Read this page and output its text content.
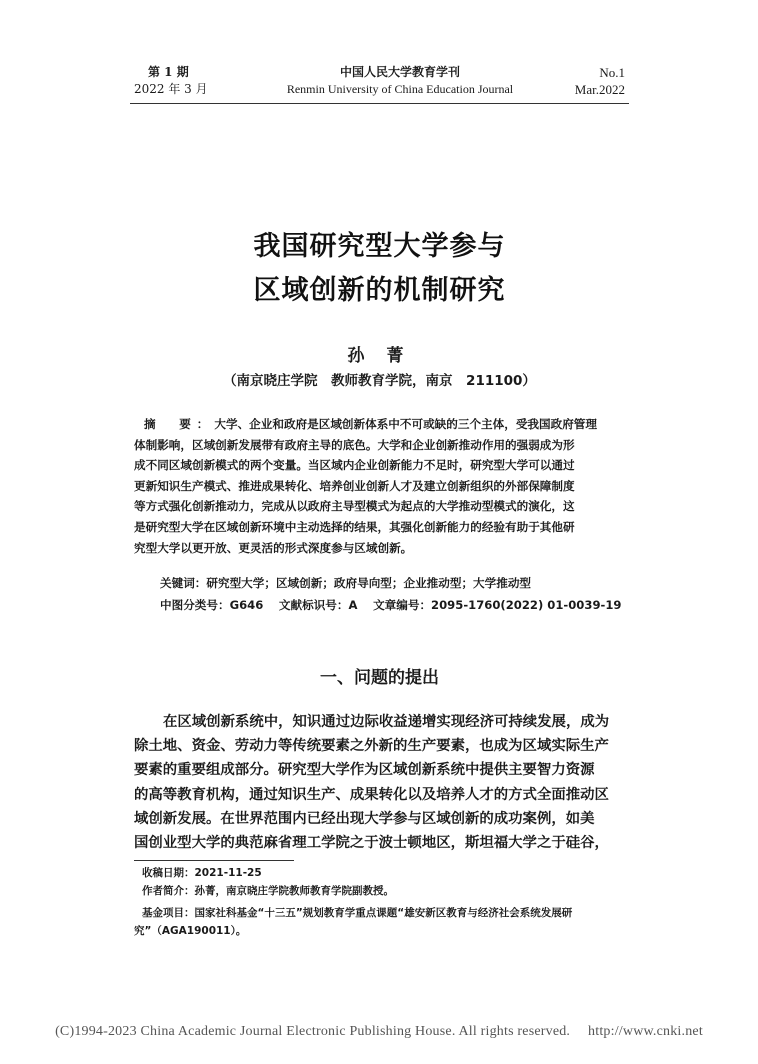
第 1 期
2022 年 3 月
中国人民大学教育学刊
Renmin University of China Education Journal
No.1
Mar.2022
我国研究型大学参与
区域创新的机制研究
孙 菁
（南京晓庄学院　教师教育学院，南京　211100）
摘　要：大学、企业和政府是区域创新体系中不可或缺的三个主体，受我国政府管理
体制影响，区域创新发展带有政府主导的底色。大学和企业创新推动作用的强弱成为形
成不同区域创新模式的两个变量。当区域内企业创新能力不足时，研究型大学可以通过
更新知识生产模式、推进成果转化、培养创业创新人才及建立创新组织的外部保障制度
等方式强化创新推动力，完成从以政府主导型模式为起点的大学推动型模式的演化，这
是研究型大学在区域创新环境中主动选择的结果，其强化创新能力的经验有助于其他研
究型大学以更开放、更灵活的形式深度参与区域创新。
关键词：研究型大学；区域创新；政府导向型；企业推动型；大学推动型
中图分类号：G646　 文献标识号：A　 文章编号：2095-1760(2022) 01-0039-19
一、问题的提出
在区域创新系统中，知识通过边际收益递增实现经济可持续发展，成为
除土地、资金、劳动力等传统要素之外新的生产要素，也成为区域实际生产
要素的重要组成部分。研究型大学作为区域创新系统中提供主要智力资源
的高等教育机构，通过知识生产、成果转化以及培养人才的方式全面推动区
域创新发展。在世界范围内已经出现大学参与区域创新的成功案例，如美
国创业型大学的典范麻省理工学院之于波士顿地区，斯坦福大学之于硅谷，
收稿日期：2021-11-25
作者简介：孙菁，南京晓庄学院教师教育学院副教授。
基金项目：国家社科基金“十三五”规划教育学重点课题“雄安新区教育与经济社会系统发展研
究”（AGA190011）。
(C)1994-2023 China Academic Journal Electronic Publishing House. All rights reserved.　 http://www.cnki.net
